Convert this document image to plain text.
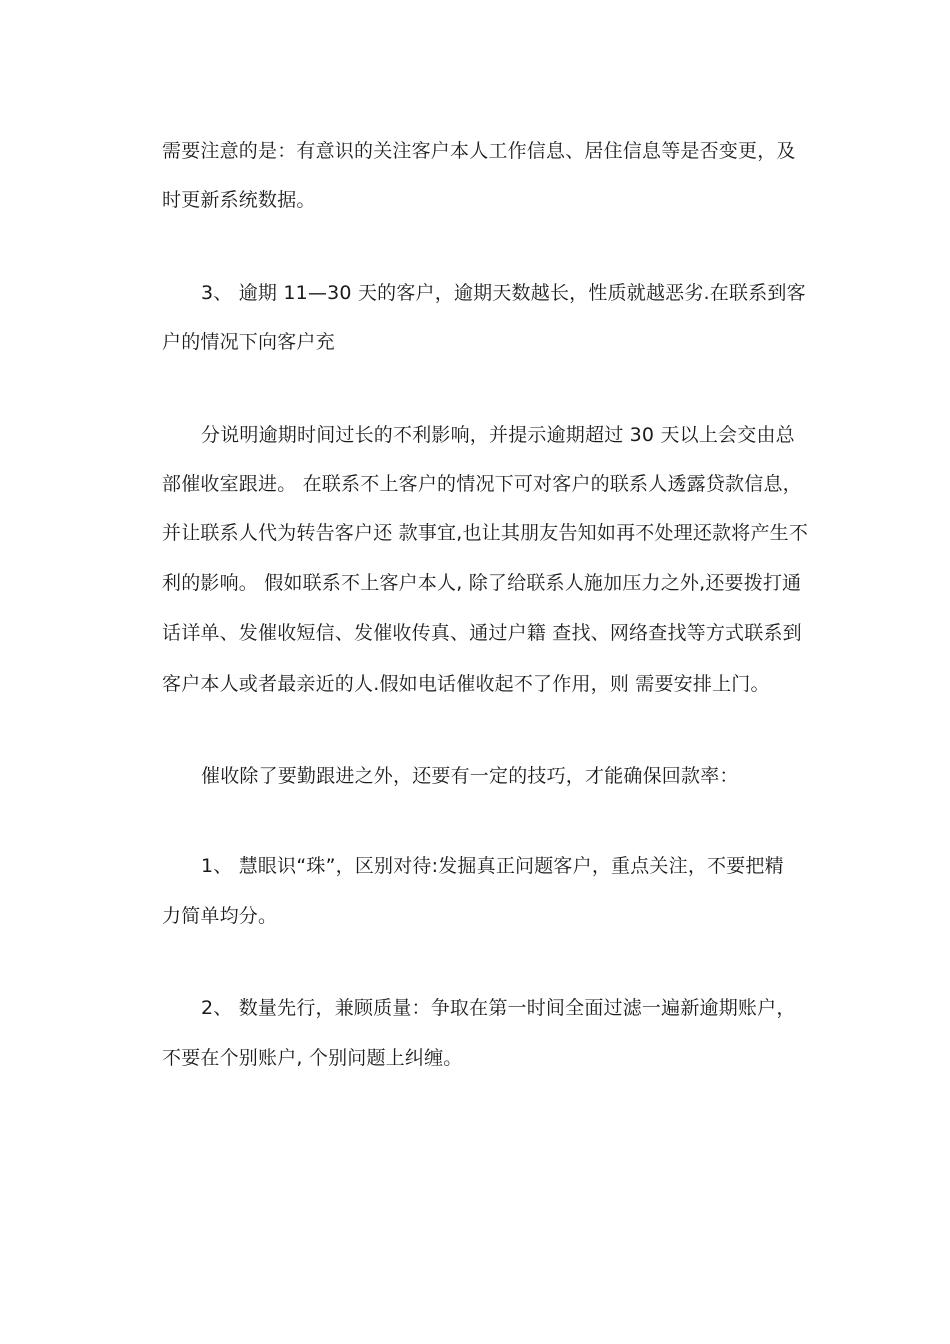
需要注意的是：有意识的关注客户本人工作信息、居住信息等是否变更，及
时更新系统数据。
3、 逾期 11—30 天的客户，逾期天数越长，性质就越恶劣.在联系到客
户的情况下向客户充
分说明逾期时间过长的不利影响，并提示逾期超过 30 天以上会交由总
部催收室跟进。 在联系不上客户的情况下可对客户的联系人透露贷款信息，
并让联系人代为转告客户还 款事宜,也让其朋友告知如再不处理还款将产生不
利的影响。 假如联系不上客户本人, 除了给联系人施加压力之外,还要拨打通
话详单、发催收短信、发催收传真、通过户籍 查找、网络查找等方式联系到
客户本人或者最亲近的人.假如电话催收起不了作用，则 需要安排上门。
催收除了要勤跟进之外，还要有一定的技巧，才能确保回款率：
1、 慧眼识“珠”，区别对待:发掘真正问题客户，重点关注，不要把精
力简单均分。
2、 数量先行，兼顾质量：争取在第一时间全面过滤一遍新逾期账户，
不要在个别账户, 个别问题上纠缠。
